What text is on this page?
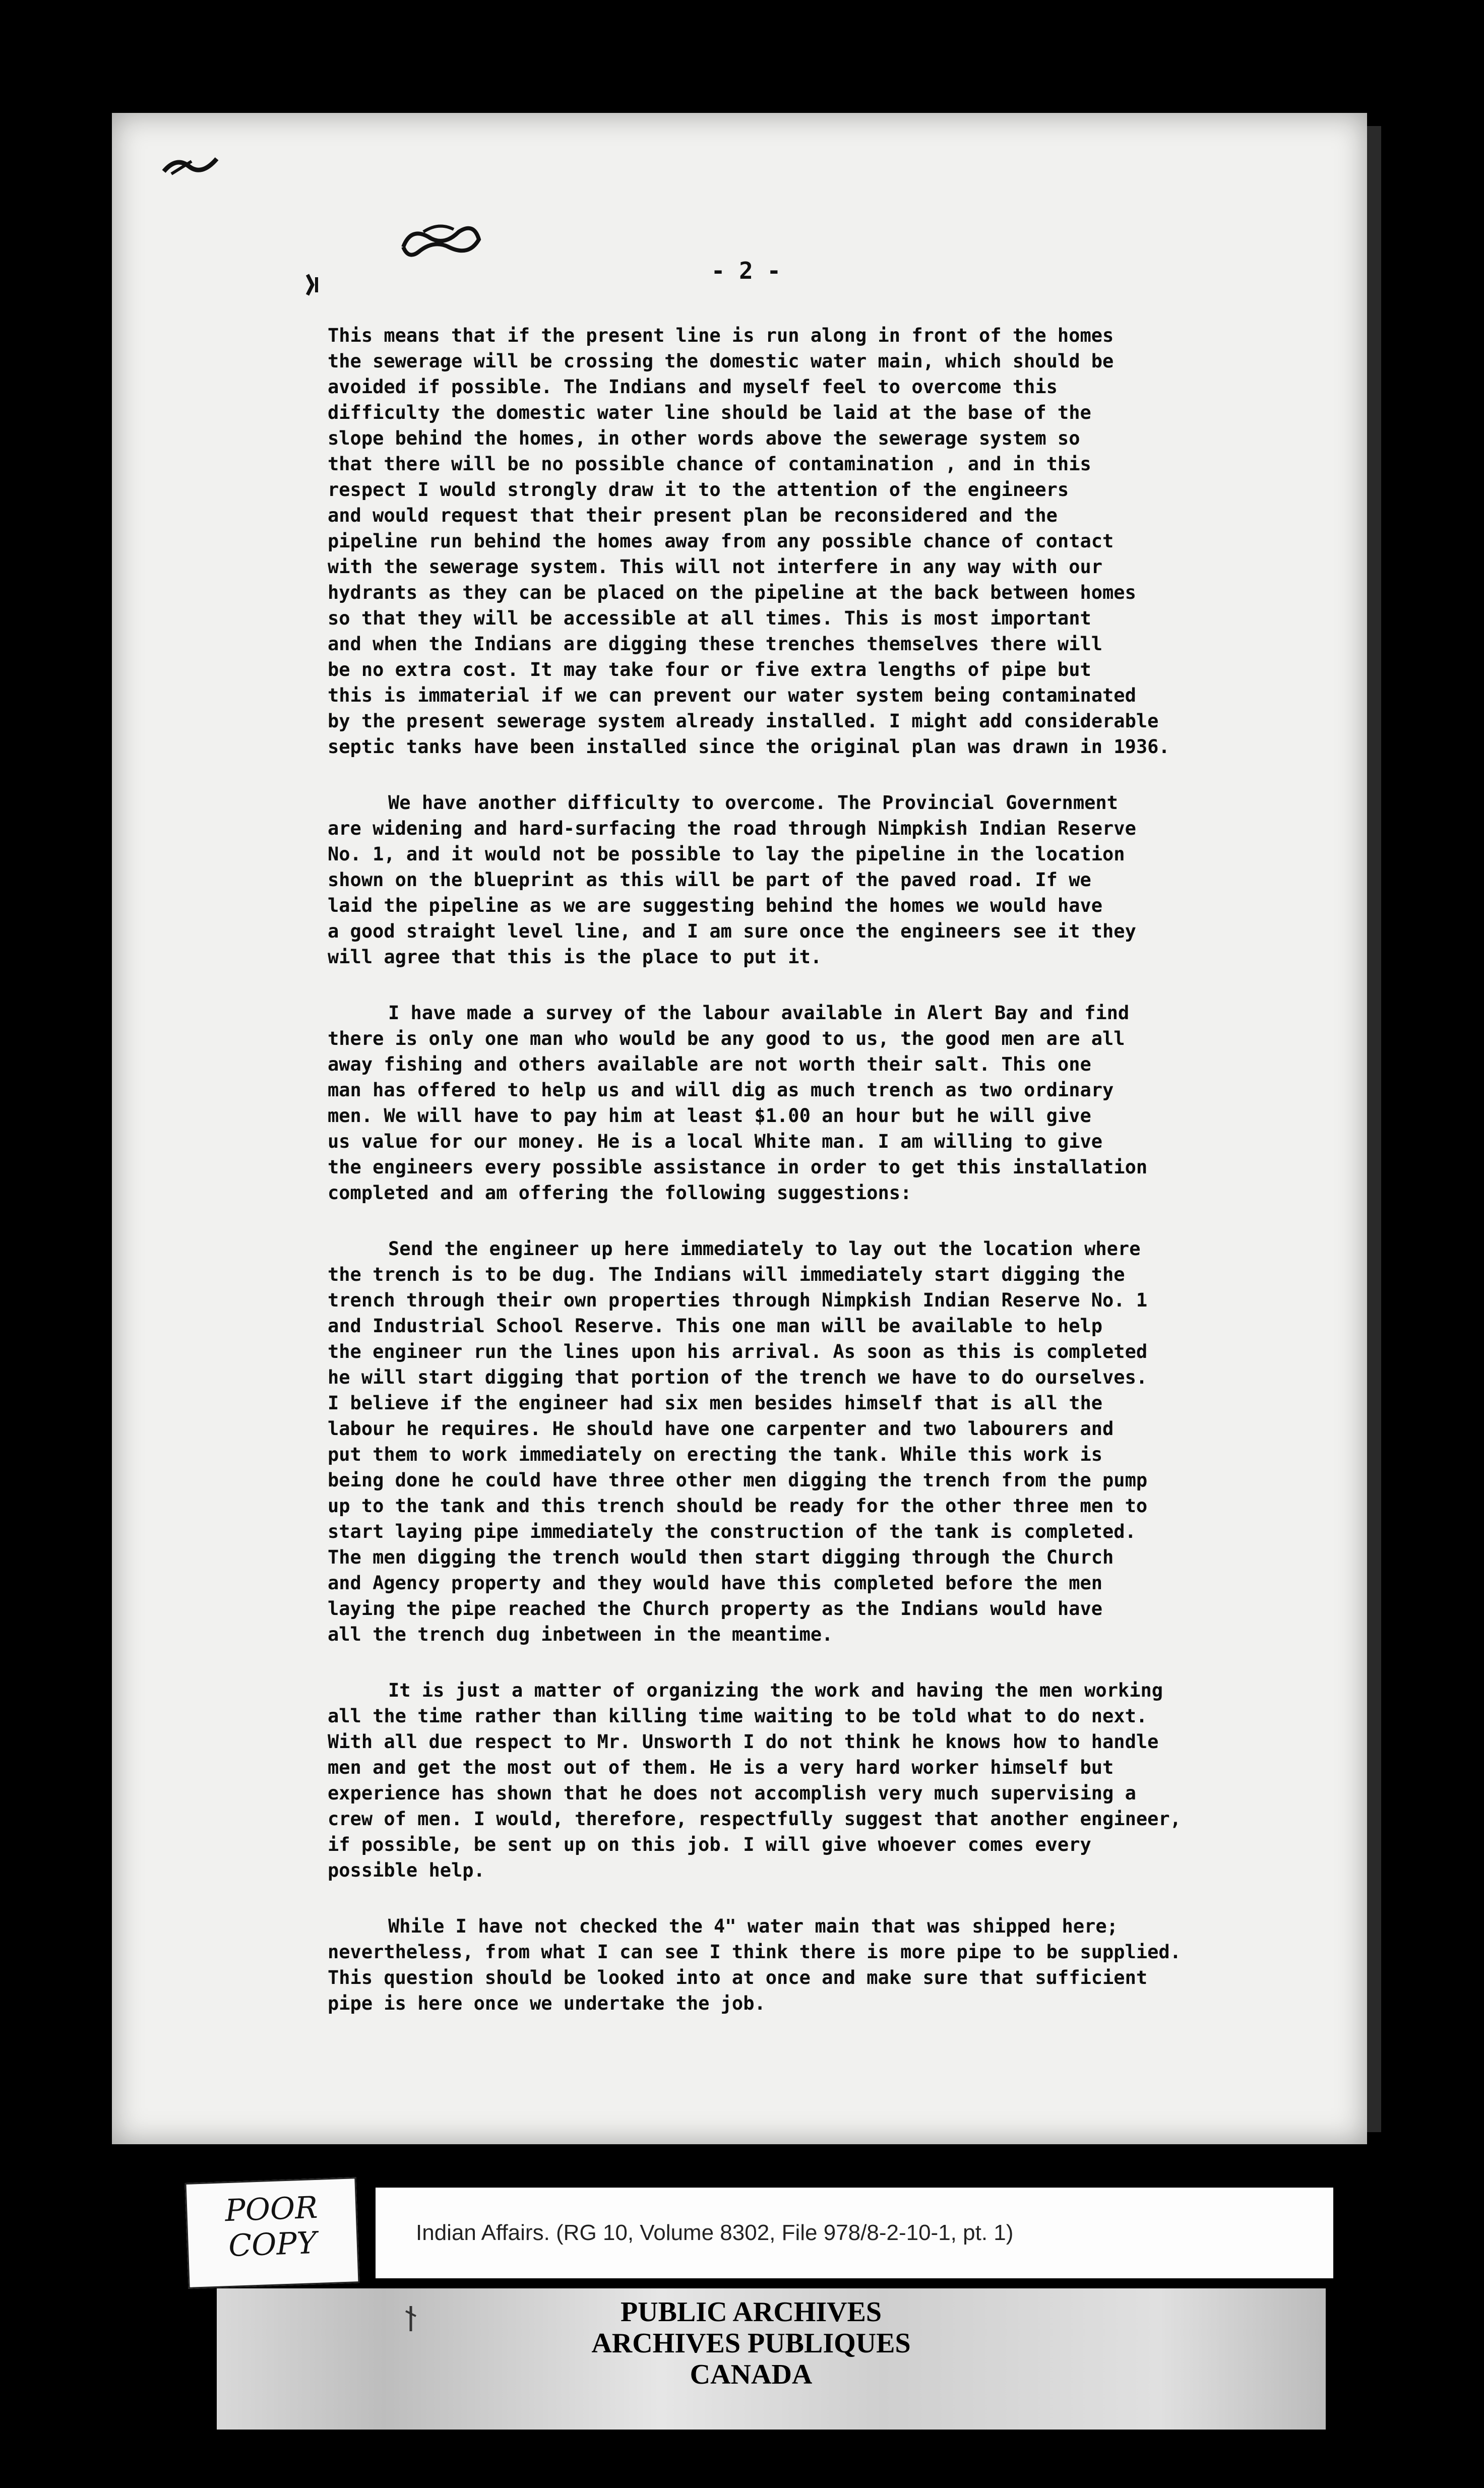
- 2 -
This means that if the present line is run along in front of the homes
the sewerage will be crossing the domestic water main, which should be
avoided if possible. The Indians and myself feel to overcome this
difficulty the domestic water line should be laid at the base of the
slope behind the homes, in other words above the sewerage system so
that there will be no possible chance of contamination , and in this
respect I would strongly draw it to the attention of the engineers
and would request that their present plan be reconsidered and the
pipeline run behind the homes away from any possible chance of contact
with the sewerage system. This will not interfere in any way with our
hydrants as they can be placed on the pipeline at the back between homes
so that they will be accessible at all times. This is most important
and when the Indians are digging these trenches themselves there will
be no extra cost. It may take four or five extra lengths of pipe but
this is immaterial if we can prevent our water system being contaminated
by the present sewerage system already installed. I might add considerable
septic tanks have been installed since the original plan was drawn in 1936.
We have another difficulty to overcome. The Provincial Government
are widening and hard-surfacing the road through Nimpkish Indian Reserve
No. 1, and it would not be possible to lay the pipeline in the location
shown on the blueprint as this will be part of the paved road. If we
laid the pipeline as we are suggesting behind the homes we would have
a good straight level line, and I am sure once the engineers see it they
will agree that this is the place to put it.
I have made a survey of the labour available in Alert Bay and find
there is only one man who would be any good to us, the good men are all
away fishing and others available are not worth their salt. This one
man has offered to help us and will dig as much trench as two ordinary
men. We will have to pay him at least $1.00 an hour but he will give
us value for our money. He is a local White man. I am willing to give
the engineers every possible assistance in order to get this installation
completed and am offering the following suggestions:
Send the engineer up here immediately to lay out the location where
the trench is to be dug. The Indians will immediately start digging the
trench through their own properties through Nimpkish Indian Reserve No. 1
and Industrial School Reserve. This one man will be available to help
the engineer run the lines upon his arrival. As soon as this is completed
he will start digging that portion of the trench we have to do ourselves.
I believe if the engineer had six men besides himself that is all the
labour he requires. He should have one carpenter and two labourers and
put them to work immediately on erecting the tank. While this work is
being done he could have three other men digging the trench from the pump
up to the tank and this trench should be ready for the other three men to
start laying pipe immediately the construction of the tank is completed.
The men digging the trench would then start digging through the Church
and Agency property and they would have this completed before the men
laying the pipe reached the Church property as the Indians would have
all the trench dug inbetween in the meantime.
It is just a matter of organizing the work and having the men working
all the time rather than killing time waiting to be told what to do next.
With all due respect to Mr. Unsworth I do not think he knows how to handle
men and get the most out of them. He is a very hard worker himself but
experience has shown that he does not accomplish very much supervising a
crew of men. I would, therefore, respectfully suggest that another engineer,
if possible, be sent up on this job. I will give whoever comes every
possible help.
While I have not checked the 4" water main that was shipped here;
nevertheless, from what I can see I think there is more pipe to be supplied.
This question should be looked into at once and make sure that sufficient
pipe is here once we undertake the job.
POOR
COPY	Indian Affairs. (RG 10, Volume 8302, File 978/8-2-10-1, pt. 1)
PUBLIC ARCHIVES
ARCHIVES PUBLIQUES
CANADA
